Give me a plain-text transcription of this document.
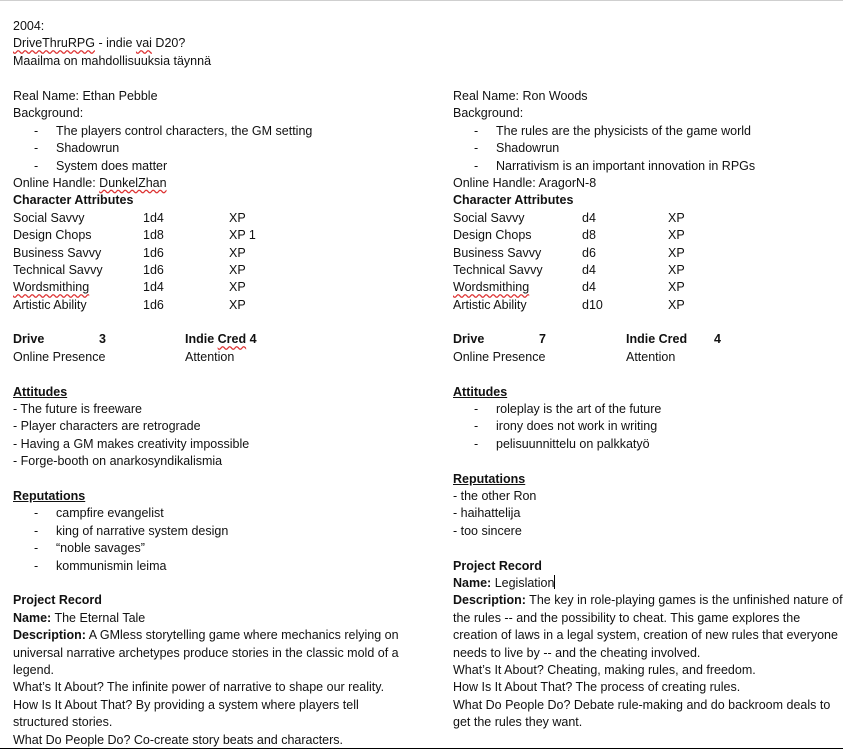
2004:
DriveThruRPG - indie vai D20?
Maailma on mahdollisuuksia täynnä
Real Name: Ethan Pebble
Background:
- The players control characters, the GM setting
- Shadowrun
- System does matter
Online Handle: DunkelZhan
Character Attributes
Social Savvy	1d4	XP
Design Chops	1d8	XP 1
Business Savvy	1d6	XP
Technical Savvy	1d6	XP
Wordsmithing	1d4	XP
Artistic Ability	1d6	XP
Drive	3	Indie Cred 4
Online Presence	Attention
Attitudes
- The future is freeware
- Player characters are retrograde
- Having a GM makes creativity impossible
- Forge-booth on anarkosyndikalismia
Reputations
- campfire evangelist
- king of narrative system design
- “noble savages”
- kommunismin leima
Project Record
Name: The Eternal Tale
Description: A GMless storytelling game where mechanics relying on universal narrative archetypes produce stories in the classic mold of a legend.
What’s It About? The infinite power of narrative to shape our reality.
How Is It About That? By providing a system where players tell structured stories.
What Do People Do? Co-create story beats and characters.
Real Name: Ron Woods
Background:
- The rules are the physicists of the game world
- Shadowrun
- Narrativism is an important innovation in RPGs
Online Handle: AragorN-8
Character Attributes
Social Savvy	d4	XP
Design Chops	d8	XP
Business Savvy	d6	XP
Technical Savvy	d4	XP
Wordsmithing	d4	XP
Artistic Ability	d10	XP
Drive	7	Indie Cred 4
Online Presence	Attention
Attitudes
- roleplay is the art of the future
- irony does not work in writing
- pelisuunnittelu on palkkatyö
Reputations
- the other Ron
- haihattelija
- too sincere
Project Record
Name: Legislation
Description: The key in role-playing games is the unfinished nature of the rules -- and the possibility to cheat. This game explores the creation of laws in a legal system, creation of new rules that everyone needs to live by -- and the cheating involved.
What’s It About? Cheating, making rules, and freedom.
How Is It About That? The process of creating rules.
What Do People Do? Debate rule-making and do backroom deals to get the rules they want.
